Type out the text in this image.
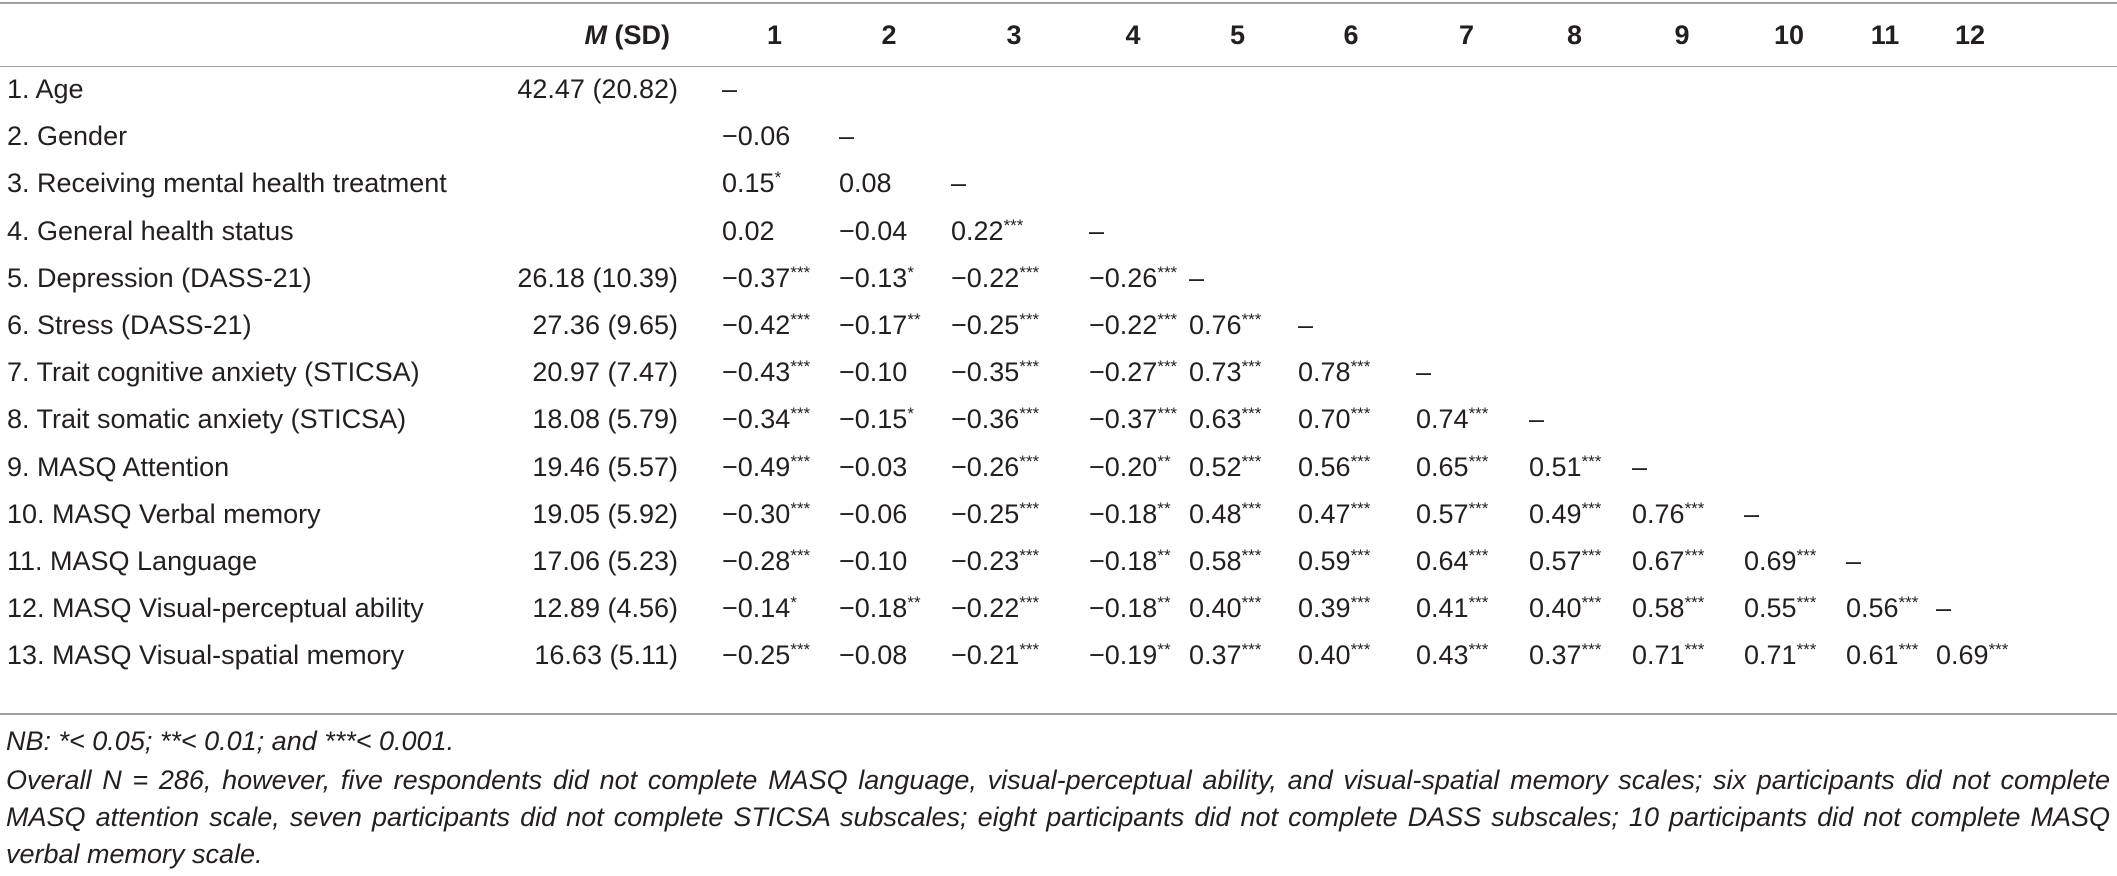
	M (SD)	1	2	3	4	5	6	7	8	9	10	11	12
1. Age	42.47 (20.82)	–											
2. Gender		−0.06	–										
3. Receiving mental health treatment		0.15*	0.08	–									
4. General health status		0.02	−0.04	0.22***	–								
5. Depression (DASS-21)	26.18 (10.39)	−0.37***	−0.13*	−0.22***	−0.26***	–							
6. Stress (DASS-21)	27.36 (9.65)	−0.42***	−0.17**	−0.25***	−0.22***	0.76***	–						
7. Trait cognitive anxiety (STICSA)	20.97 (7.47)	−0.43***	−0.10	−0.35***	−0.27***	0.73***	0.78***	–					
8. Trait somatic anxiety (STICSA)	18.08 (5.79)	−0.34***	−0.15*	−0.36***	−0.37***	0.63***	0.70***	0.74***	–				
9. MASQ Attention	19.46 (5.57)	−0.49***	−0.03	−0.26***	−0.20**	0.52***	0.56***	0.65***	0.51***	–			
10. MASQ Verbal memory	19.05 (5.92)	−0.30***	−0.06	−0.25***	−0.18**	0.48***	0.47***	0.57***	0.49***	0.76***	–		
11. MASQ Language	17.06 (5.23)	−0.28***	−0.10	−0.23***	−0.18**	0.58***	0.59***	0.64***	0.57***	0.67***	0.69***	–	
12. MASQ Visual-perceptual ability	12.89 (4.56)	−0.14*	−0.18**	−0.22***	−0.18**	0.40***	0.39***	0.41***	0.40***	0.58***	0.55***	0.56***	–
13. MASQ Visual-spatial memory	16.63 (5.11)	−0.25***	−0.08	−0.21***	−0.19**	0.37***	0.40***	0.43***	0.37***	0.71***	0.71***	0.61***	0.69***
NB: *< 0.05; **< 0.01; and ***< 0.001.
Overall N = 286, however, five respondents did not complete MASQ language, visual-perceptual ability, and visual-spatial memory scales; six participants did not complete MASQ attention scale, seven participants did not complete STICSA subscales; eight participants did not complete DASS subscales; 10 participants did not complete MASQ verbal memory scale.
